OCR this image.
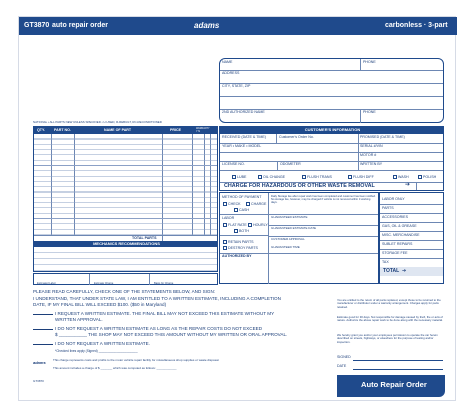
GT3870 auto repair order	adams	carbonless · 3-part
NAME	PHONE
ADDRESS
CITY, STATE, ZIP
2ND AUTHORIZED NAME	PHONE
NATIONAL • ALL PARTS NEW UNLESS SPECIFIED • U-USED, R-REBUILT, RC-RECONDITIONED
QTY.	PART NO.	NAME OF PART	PRICE	WARRANTY Y N
TOTAL PARTS
MECHANICS RECOMMENDATIONS
Estimated Labor	Estimate Charge	Basis for Charge
CUSTOMER'S INFORMATION
RECEIVED (DATE & TIME)	Customer's Order No.	PROMISED (DATE & TIME)
YEAR • MAKE • MODEL	SERIAL #/VIN
MOTOR #
LICENSE NO.	ODOMETER	WRITTEN BY
LUBE	OIL CHANGE	FLUSH TRANS	FLUSH DIFF	WASH	POLISH
CHARGE FOR HAZARDOUS OR OTHER WASTE REMOVAL	➔
METHOD OF PAYMENT
CHECK	CHARGE
CASH
LABOR
FLAT RATE	HOURLY
BOTH
RETAIN PARTS
DESTROY PARTS
AUTHORIZED BY
Daily Storage fee after repair work has been completed and customer has been notified. No storage fee, however, may be charged if vehicle is not removed within 3 working days.
GUARANTEED ESTIMATE
GUARANTEED ESTIMATE DATE
CUSTOMER APPROVAL
GUARANTEED TIME
LABOR ONLY
PARTS
ACCESSORIES
GAS, OIL & GREASE
MISC. MERCHANDISE
SUBLET REPAIRS
STORAGE FEE
TAX
TOTAL ➔
PLEASE READ CAREFULLY, CHECK ONE OF THE STATEMENTS BELOW, AND SIGN:
I UNDERSTAND, THAT UNDER STATE LAW, I AM ENTITLED TO A WRITTEN ESTIMATE, INCLUDING A COMPLETION
DATE, IF MY FINAL BILL WILL EXCEED $100. ($50 in Maryland)
I REQUEST A WRITTEN ESTIMATE. THE FINAL BILL MAY NOT EXCEED THIS ESTIMATE WITHOUT MY
WRITTEN APPROVAL.
I DO NOT REQUEST A WRITTEN ESTIMATE AS LONG AS THE REPAIR COSTS DO NOT EXCEED
$ ___________ THE SHOP MAY NOT EXCEED THIS AMOUNT WITHOUT MY WRITTEN OR ORAL APPROVAL.
I DO NOT REQUEST A WRITTEN ESTIMATE.
*Checked lines apply (Signed) ______________________
This charge represents costs and profits to the motor vehicle repair facility for miscellaneous shop supplies or waste disposal.
This amount includes a charge of $ _______ which was computed as follows: ____________
adams
GT3870
You are entitled to the return of all parts replaced, except those to be returned to the manufacturer or distributor under a warranty arrangement. Charges apply for parts retained.
Estimate good for 30 days. Not responsible for damage caused by theft, fire or acts of nature. Authorize the above repair work to be done along with the necessary material.
We hereby grant you and/or your employees permission to operate the car herein described on streets, highways, or elsewhere for the purpose of testing and/or inspection.
SIGNED
DATE
Auto Repair Order
